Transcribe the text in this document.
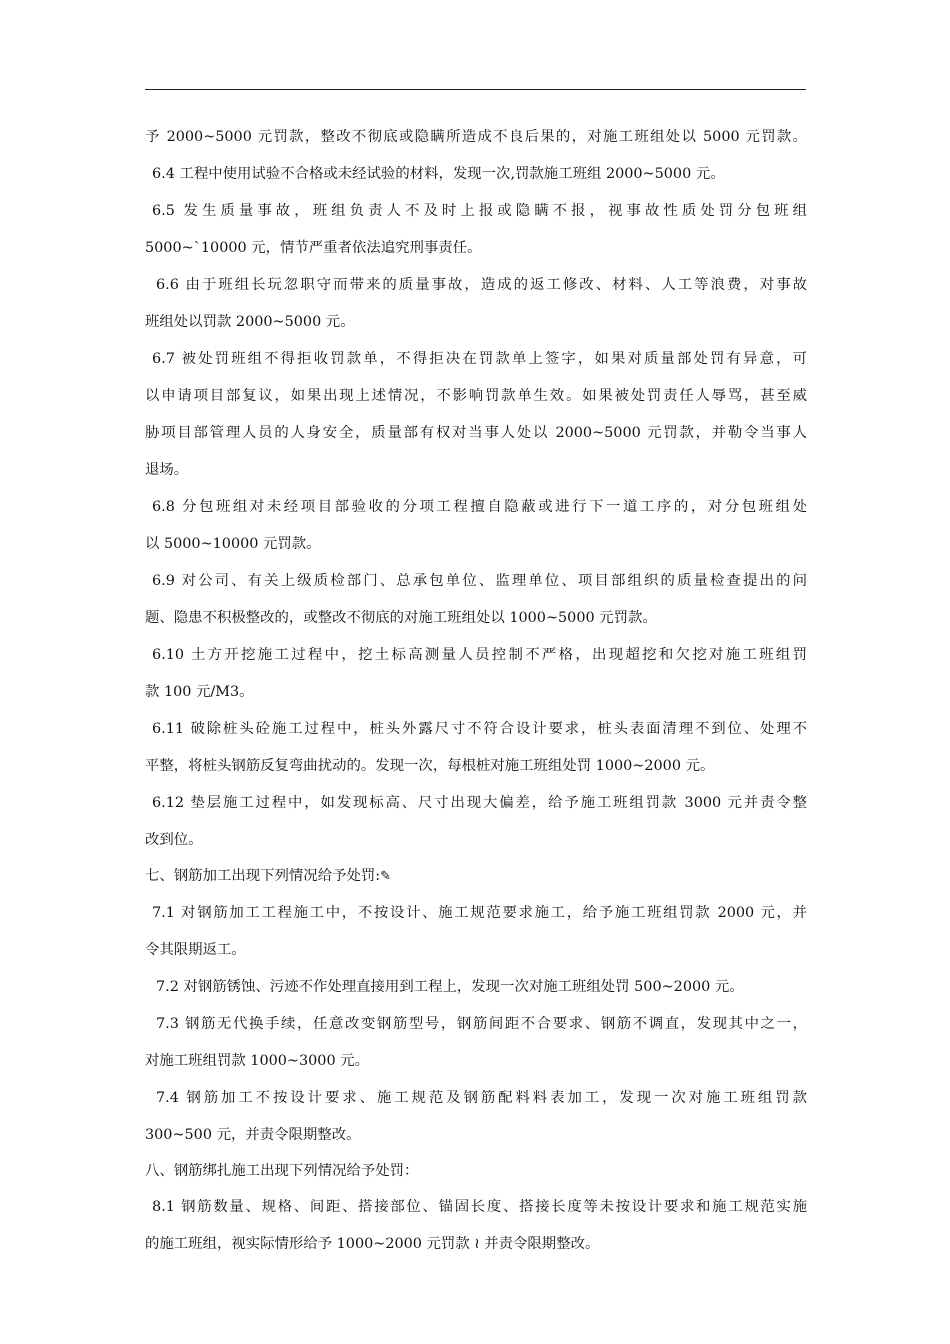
予 2000~5000 元罚款，整改不彻底或隐瞒所造成不良后果的，对施工班组处以 5000 元罚款。
6.4 工程中使用试验不合格或未经试验的材料，发现一次,罚款施工班组 2000~5000 元。
6.5 发生质量事故，班组负责人不及时上报或隐瞒不报，视事故性质处罚分包班组
5000~`10000 元，情节严重者依法追究刑事责任。
6.6 由于班组长玩忽职守而带来的质量事故，造成的返工修改、材料、人工等浪费，对事故
班组处以罚款 2000~5000 元。
6.7 被处罚班组不得拒收罚款单，不得拒决在罚款单上签字，如果对质量部处罚有异意，可
以申请项目部复议，如果出现上述情况，不影响罚款单生效。如果被处罚责任人辱骂，甚至威
胁项目部管理人员的人身安全，质量部有权对当事人处以 2000~5000 元罚款，并勒令当事人
退场。
6.8 分包班组对未经项目部验收的分项工程擅自隐蔽或进行下一道工序的，对分包班组处
以 5000~10000 元罚款。
6.9 对公司、有关上级质检部门、总承包单位、监理单位、项目部组织的质量检查提出的问
题、隐患不积极整改的，或整改不彻底的对施工班组处以 1000~5000 元罚款。
6.10 土方开挖施工过程中，挖土标高测量人员控制不严格，出现超挖和欠挖对施工班组罚
款 100 元/M3。
6.11 破除桩头砼施工过程中，桩头外露尺寸不符合设计要求，桩头表面清理不到位、处理不
平整，将桩头钢筋反复弯曲扰动的。发现一次，每根桩对施工班组处罚 1000~2000 元。
6.12 垫层施工过程中，如发现标高、尺寸出现大偏差，给予施工班组罚款 3000 元并责令整
改到位。
七、钢筋加工出现下列情况给予处罚:✎
7.1 对钢筋加工工程施工中，不按设计、施工规范要求施工，给予施工班组罚款 2000 元，并
令其限期返工。
7.2 对钢筋锈蚀、污迹不作处理直接用到工程上，发现一次对施工班组处罚 500~2000 元。
7.3 钢筋无代换手续，任意改变钢筋型号，钢筋间距不合要求、钢筋不调直，发现其中之一，
对施工班组罚款 1000~3000 元。
7.4 钢筋加工不按设计要求、施工规范及钢筋配料料表加工，发现一次对施工班组罚款
300~500 元，并责令限期整改。
八、钢筋绑扎施工出现下列情况给予处罚：
8.1 钢筋数量、规格、间距、搭接部位、锚固长度、搭接长度等未按设计要求和施工规范实施
的施工班组，视实际情形给予 1000~2000 元罚款 ≀ 并责令限期整改。
